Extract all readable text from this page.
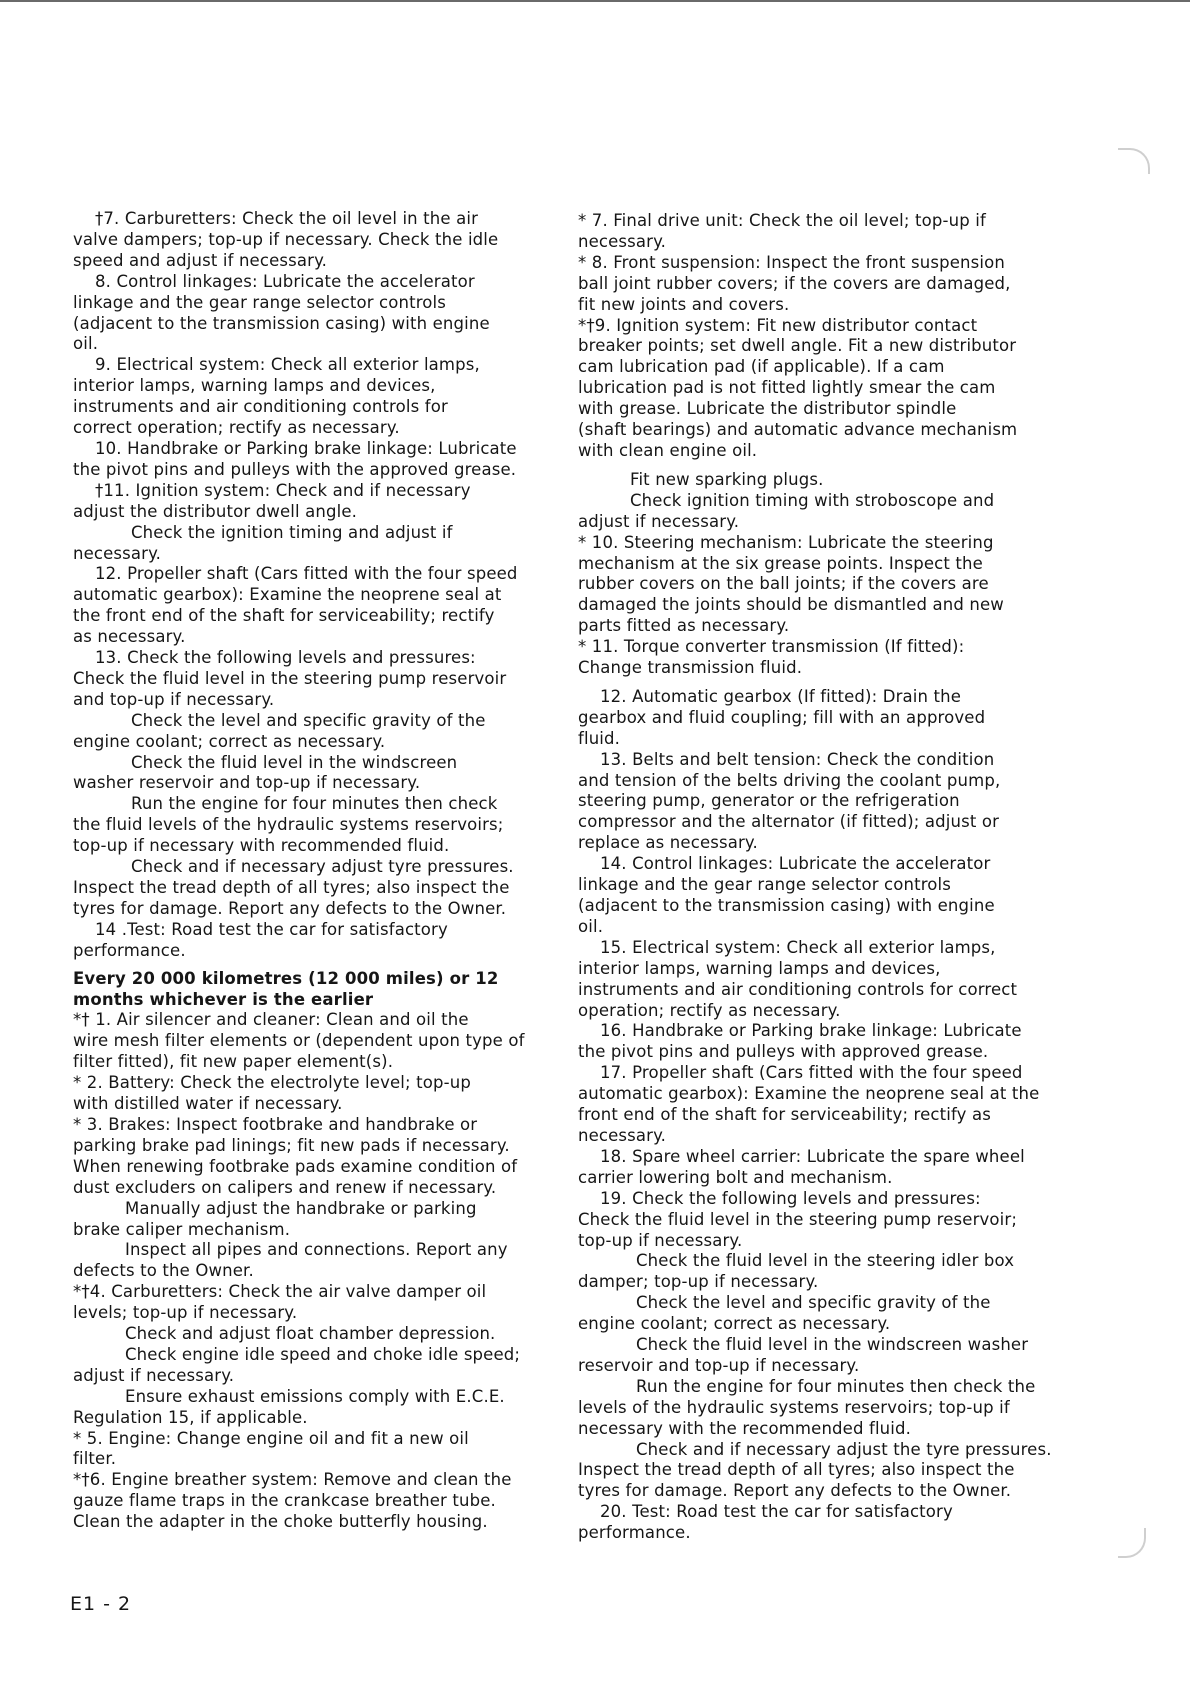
†7. Carburetters: Check the oil level in the air

valve dampers; top-up if necessary. Check the idle

speed and adjust if necessary.

8. Control linkages: Lubricate the accelerator

linkage and the gear range selector controls

(adjacent to the transmission casing) with engine

oil.

9. Electrical system: Check all exterior lamps,

interior lamps, warning lamps and devices,

instruments and air conditioning controls for

correct operation; rectify as necessary.

10. Handbrake or Parking brake linkage: Lubricate

the pivot pins and pulleys with the approved grease.

†11. Ignition system: Check and if necessary

adjust the distributor dwell angle.

Check the ignition timing and adjust if

necessary.

12. Propeller shaft (Cars fitted with the four speed

automatic gearbox): Examine the neoprene seal at

the front end of the shaft for serviceability; rectify

as necessary.

13. Check the following levels and pressures:

Check the fluid level in the steering pump reservoir

and top-up if necessary.

Check the level and specific gravity of the

engine coolant; correct as necessary.

Check the fluid level in the windscreen

washer reservoir and top-up if necessary.

Run the engine for four minutes then check

the fluid levels of the hydraulic systems reservoirs;

top-up if necessary with recommended fluid.

Check and if necessary adjust tyre pressures.

Inspect the tread depth of all tyres; also inspect the

tyres for damage. Report any defects to the Owner.

14 .Test: Road test the car for satisfactory

performance.

Every 20 000 kilometres (12 000 miles) or 12

months whichever is the earlier

*† 1. Air silencer and cleaner: Clean and oil the

wire mesh filter elements or (dependent upon type of

filter fitted), fit new paper element(s).

* 2. Battery: Check the electrolyte level; top-up

with distilled water if necessary.

* 3. Brakes: Inspect footbrake and handbrake or

parking brake pad linings; fit new pads if necessary.

When renewing footbrake pads examine condition of

dust excluders on calipers and renew if necessary.

Manually adjust the handbrake or parking

brake caliper mechanism.

Inspect all pipes and connections. Report any

defects to the Owner.

*†4. Carburetters: Check the air valve damper oil

levels; top-up if necessary.

Check and adjust float chamber depression.

Check engine idle speed and choke idle speed;

adjust if necessary.

Ensure exhaust emissions comply with E.C.E.

Regulation 15, if applicable.

* 5. Engine: Change engine oil and fit a new oil

filter.

*†6. Engine breather system: Remove and clean the

gauze flame traps in the crankcase breather tube.

Clean the adapter in the choke butterfly housing.

* 7. Final drive unit: Check the oil level; top-up if

necessary.

* 8. Front suspension: Inspect the front suspension

ball joint rubber covers; if the covers are damaged,

fit new joints and covers.

*†9. Ignition system: Fit new distributor contact

breaker points; set dwell angle. Fit a new distributor

cam lubrication pad (if applicable). If a cam

lubrication pad is not fitted lightly smear the cam

with grease. Lubricate the distributor spindle

(shaft bearings) and automatic advance mechanism

with clean engine oil.

Fit new sparking plugs.

Check ignition timing with stroboscope and

adjust if necessary.

* 10. Steering mechanism: Lubricate the steering

mechanism at the six grease points. Inspect the

rubber covers on the ball joints; if the covers are

damaged the joints should be dismantled and new

parts fitted as necessary.

* 11. Torque converter transmission (If fitted):

Change transmission fluid.

12. Automatic gearbox (If fitted): Drain the

gearbox and fluid coupling; fill with an approved

fluid.

13. Belts and belt tension: Check the condition

and tension of the belts driving the coolant pump,

steering pump, generator or the refrigeration

compressor and the alternator (if fitted); adjust or

replace as necessary.

14. Control linkages: Lubricate the accelerator

linkage and the gear range selector controls

(adjacent to the transmission casing) with engine

oil.

15. Electrical system: Check all exterior lamps,

interior lamps, warning lamps and devices,

instruments and air conditioning controls for correct

operation; rectify as necessary.

16. Handbrake or Parking brake linkage: Lubricate

the pivot pins and pulleys with approved grease.

17. Propeller shaft (Cars fitted with the four speed

automatic gearbox): Examine the neoprene seal at the

front end of the shaft for serviceability; rectify as

necessary.

18. Spare wheel carrier: Lubricate the spare wheel

carrier lowering bolt and mechanism.

19. Check the following levels and pressures:

Check the fluid level in the steering pump reservoir;

top-up if necessary.

Check the fluid level in the steering idler box

damper; top-up if necessary.

Check the level and specific gravity of the

engine coolant; correct as necessary.

Check the fluid level in the windscreen washer

reservoir and top-up if necessary.

Run the engine for four minutes then check the

levels of the hydraulic systems reservoirs; top-up if

necessary with the recommended fluid.

Check and if necessary adjust the tyre pressures.

Inspect the tread depth of all tyres; also inspect the

tyres for damage. Report any defects to the Owner.

20. Test: Road test the car for satisfactory

performance.

E1 - 2
